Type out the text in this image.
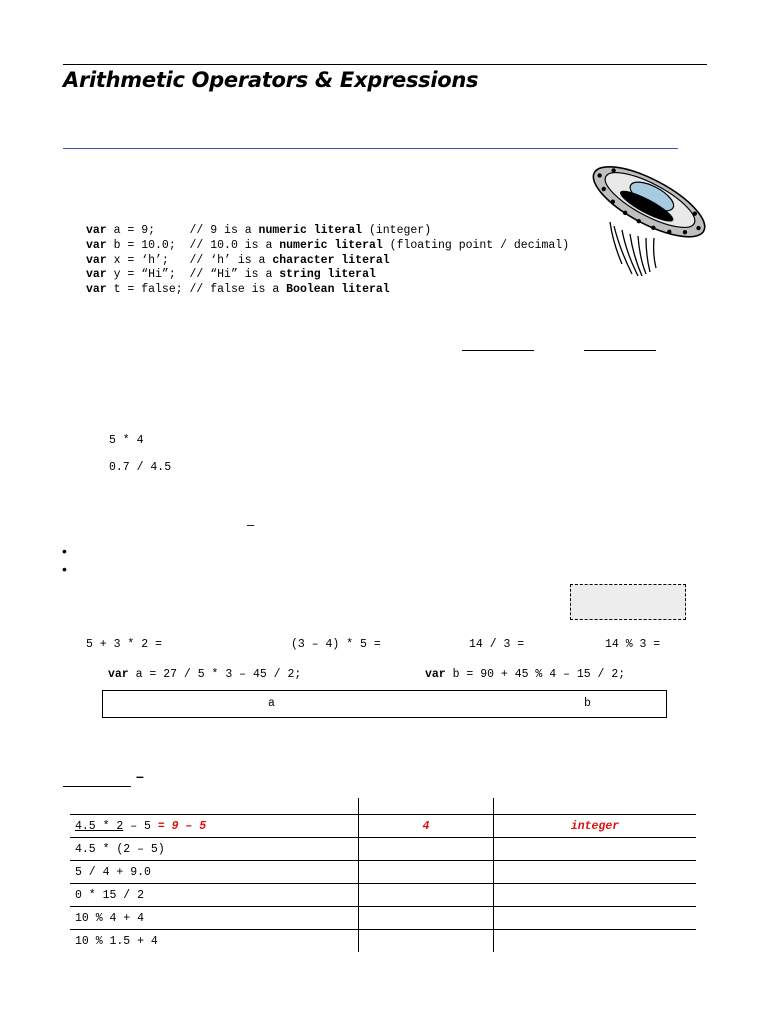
Arithmetic Operators & Expressions
var a = 9;     // 9 is a numeric literal (integer)
var b = 10.0;  // 10.0 is a numeric literal (floating point / decimal)
var x = ‘h’;   // ‘h’ is a character literal
var y = “Hi”;  // “Hi” is a string literal
var t = false; // false is a Boolean literal
5 * 4
0.7 / 4.5
–
•
•
5 + 3 * 2 =	(3 – 4) * 5 =	14 / 3 =	14 % 3 =
var a = 27 / 5 * 3 – 45 / 2;	var b = 90 + 45 % 4 – 15 / 2;
a	b
–

4.5 * 2 – 5 = 9 – 5	4	integer
4.5 * (2 – 5)		
5 / 4 + 9.0		
0 * 15 / 2		
10 % 4 + 4		
10 % 1.5 + 4		
